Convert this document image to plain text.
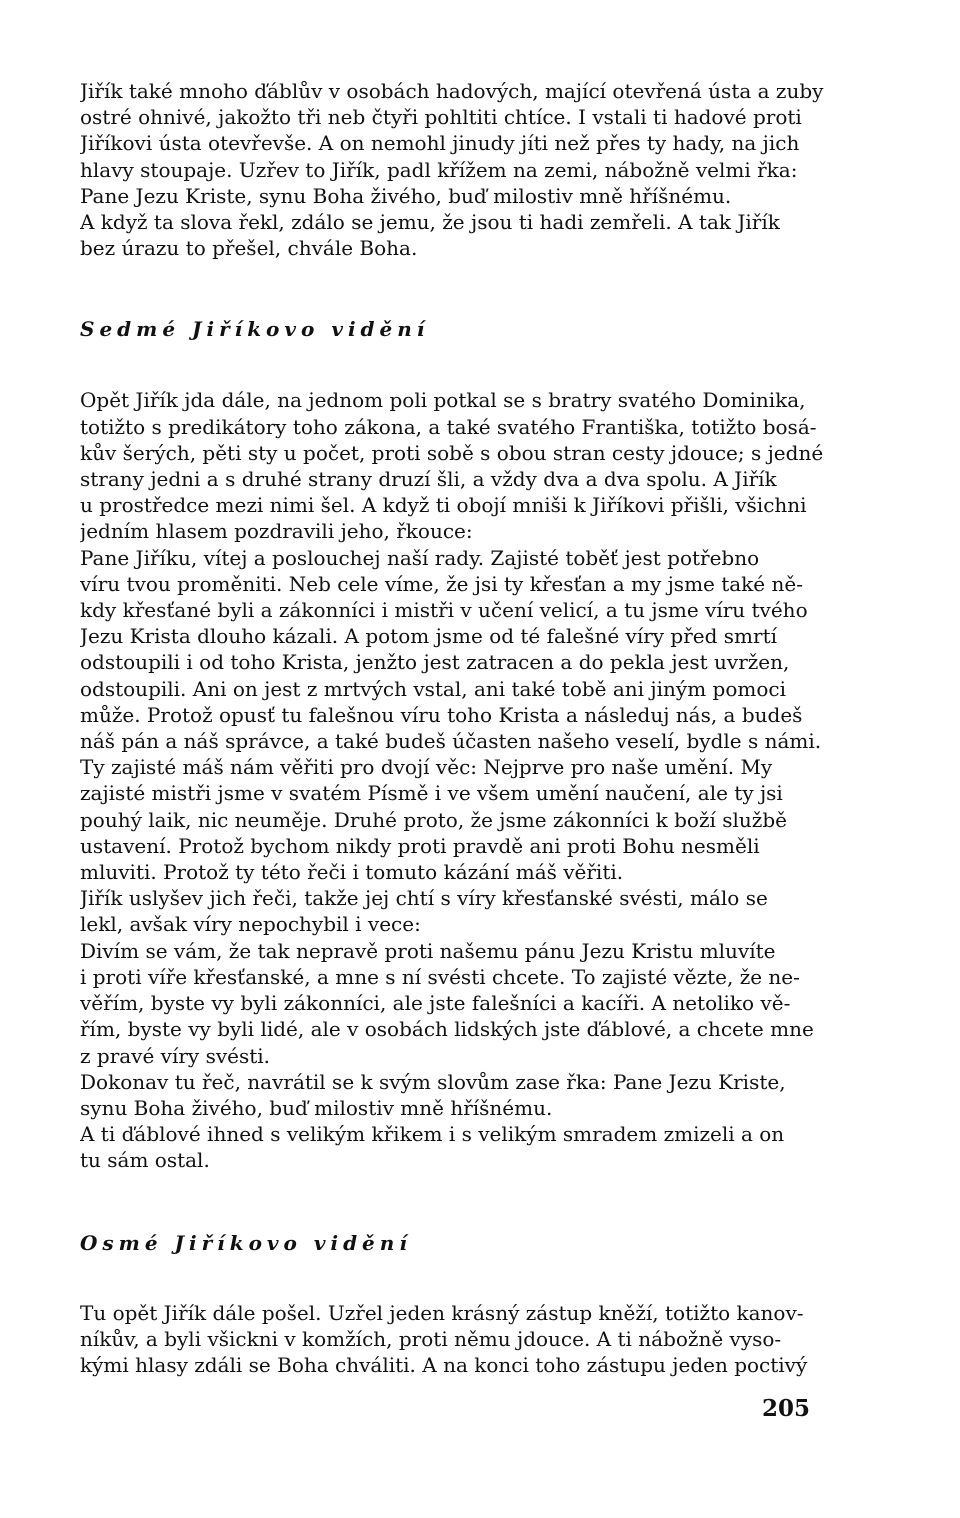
Jiřík také mnoho ďáblův v osobách hadových, mající otevřená ústa a zuby
ostré ohnivé, jakožto tři neb čtyři pohltiti chtíce. I vstali ti hadové proti
Jiříkovi ústa otevřevše. A on nemohl jinudy jíti než přes ty hady, na jich
hlavy stoupaje. Uzřev to Jiřík, padl křížem na zemi, nábožně velmi řka:
Pane Jezu Kriste, synu Boha živého, buď milostiv mně hříšnému.
A když ta slova řekl, zdálo se jemu, že jsou ti hadi zemřeli. A tak Jiřík
bez úrazu to přešel, chvále Boha.

Sedmé Jiříkovo vidění

Opět Jiřík jda dále, na jednom poli potkal se s bratry svatého Dominika,
totižto s predikátory toho zákona, a také svatého Františka, totižto bosá-
kův šerých, pěti sty u počet, proti sobě s obou stran cesty jdouce; s jedné
strany jedni a s druhé strany druzí šli, a vždy dva a dva spolu. A Jiřík
u prostředce mezi nimi šel. A když ti obojí mniši k Jiříkovi přišli, všichni
jedním hlasem pozdravili jeho, řkouce:
Pane Jiříku, vítej a poslouchej naší rady. Zajisté toběť jest potřebno
víru tvou proměniti. Neb cele víme, že jsi ty křesťan a my jsme také ně-
kdy křesťané byli a zákonníci i mistři v učení velicí, a tu jsme víru tvého
Jezu Krista dlouho kázali. A potom jsme od té falešné víry před smrtí
odstoupili i od toho Krista, jenžto jest zatracen a do pekla jest uvržen,
odstoupili. Ani on jest z mrtvých vstal, ani také tobě ani jiným pomoci
může. Protož opusť tu falešnou víru toho Krista a následuj nás, a budeš
náš pán a náš správce, a také budeš účasten našeho veselí, bydle s námi.
Ty zajisté máš nám věřiti pro dvojí věc: Nejprve pro naše umění. My
zajisté mistři jsme v svatém Písmě i ve všem umění naučení, ale ty jsi
pouhý laik, nic neuměje. Druhé proto, že jsme zákonníci k boží službě
ustavení. Protož bychom nikdy proti pravdě ani proti Bohu nesměli
mluviti. Protož ty této řeči i tomuto kázání máš věřiti.
Jiřík uslyšev jich řeči, takže jej chtí s víry křesťanské svésti, málo se
lekl, avšak víry nepochybil i vece:
Divím se vám, že tak nepravě proti našemu pánu Jezu Kristu mluvíte
i proti víře křesťanské, a mne s ní svésti chcete. To zajisté vězte, že ne-
věřím, byste vy byli zákonníci, ale jste falešníci a kacíři. A netoliko vě-
řím, byste vy byli lidé, ale v osobách lidských jste ďáblové, a chcete mne
z pravé víry svésti.
Dokonav tu řeč, navrátil se k svým slovům zase řka: Pane Jezu Kriste,
synu Boha živého, buď milostiv mně hříšnému.
A ti ďáblové ihned s velikým křikem i s velikým smradem zmizeli a on
tu sám ostal.

Osmé Jiříkovo vidění

Tu opět Jiřík dále pošel. Uzřel jeden krásný zástup kněží, totižto kanov-
níkův, a byli všickni v komžích, proti němu jdouce. A ti nábožně vyso-
kými hlasy zdáli se Boha chváliti. A na konci toho zástupu jeden poctivý

205
